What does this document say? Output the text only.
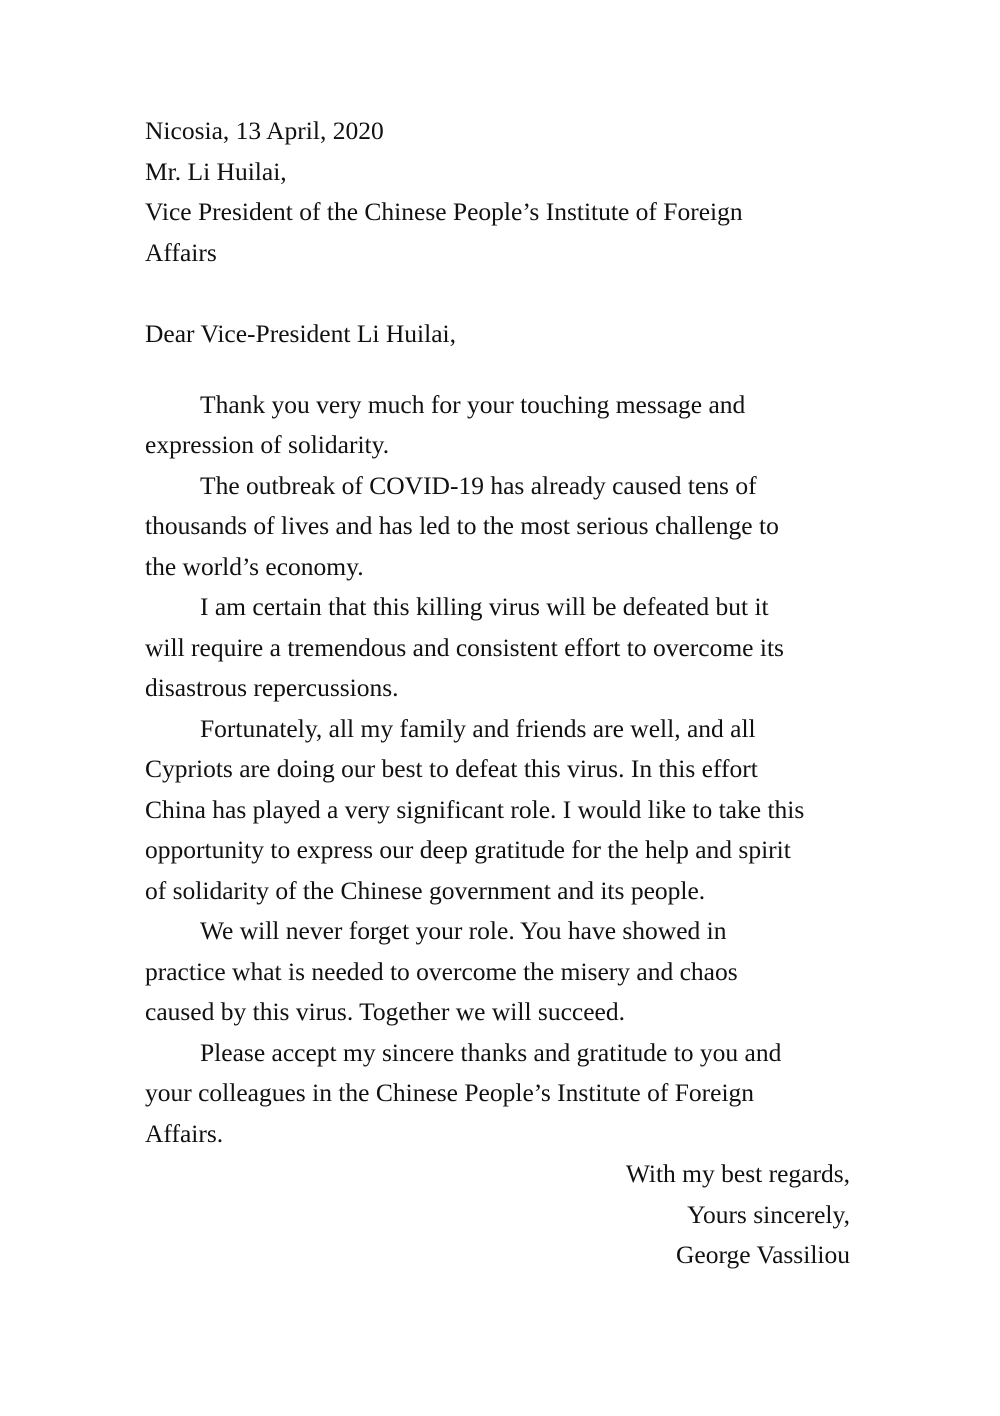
Nicosia, 13 April, 2020
Mr. Li Huilai,
Vice President of the Chinese People’s Institute of Foreign
Affairs
Dear Vice-President Li Huilai,
Thank you very much for your touching message and
expression of solidarity.
The outbreak of COVID-19 has already caused tens of
thousands of lives and has led to the most serious challenge to
the world’s economy.
I am certain that this killing virus will be defeated but it
will require a tremendous and consistent effort to overcome its
disastrous repercussions.
Fortunately, all my family and friends are well, and all
Cypriots are doing our best to defeat this virus. In this effort
China has played a very significant role. I would like to take this
opportunity to express our deep gratitude for the help and spirit
of solidarity of the Chinese government and its people.
We will never forget your role. You have showed in
practice what is needed to overcome the misery and chaos
caused by this virus. Together we will succeed.
Please accept my sincere thanks and gratitude to you and
your colleagues in the Chinese People’s Institute of Foreign
Affairs.
With my best regards,
Yours sincerely,
George Vassiliou
